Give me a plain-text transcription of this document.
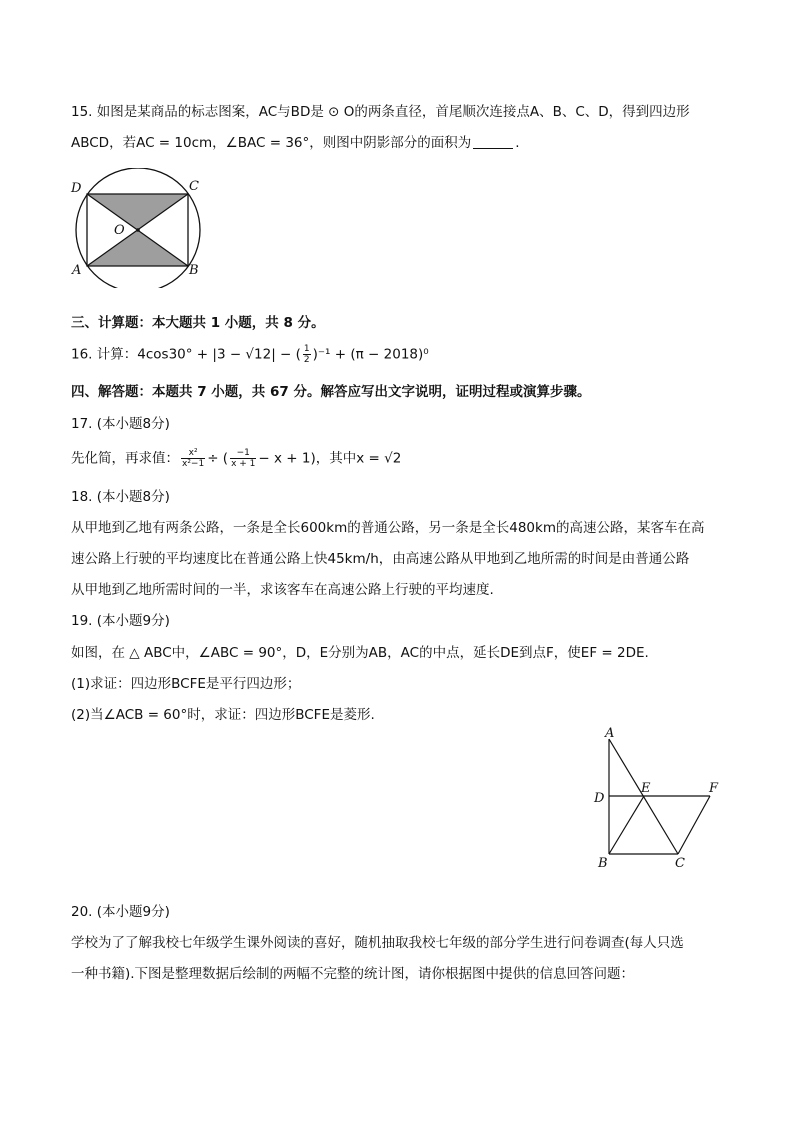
15. 如图是某商品的标志图案，AC与BD是 ⊙ O的两条直径，首尾顺次连接点A、B、C、D，得到四边形
ABCD，若AC = 10cm，∠BAC = 36°，则图中阴影部分的面积为	.
D	C
O
A	B
三、计算题：本大题共 1 小题，共 8 分。
16. 计算：4cos30° + |3 − √12| − ( $\frac{1}{2} )^{-1} + (\pi - 2018)^0$
四、解答题：本题共 7 小题，共 67 分。解答应写出文字说明，证明过程或演算步骤。
17. (本小题8分)
先化简，再求值： $\frac{\text{x²}}{\text{x²−1}}$ ÷ ( $\frac{-1}{x + 1} - x + 1$)，其中x = √2
18. (本小题8分)
从甲地到乙地有两条公路，一条是全长600km的普通公路，另一条是全长480km的高速公路，某客车在高
速公路上行驶的平均速度比在普通公路上快45km/h，由高速公路从甲地到乙地所需的时间是由普通公路
从甲地到乙地所需时间的一半，求该客车在高速公路上行驶的平均速度.
19. (本小题9分)
如图，在 △ ABC中，∠ABC = 90°，D，E分别为AB，AC的中点，延长DE到点F，使EF = 2DE.
(1)求证：四边形BCFE是平行四边形；
(2)当∠ACB = 60°时，求证：四边形BCFE是菱形.
A
D
E	F
B	C
20. (本小题9分)
学校为了了解我校七年级学生课外阅读的喜好，随机抽取我校七年级的部分学生进行问卷调查(每人只选
一种书籍).下图是整理数据后绘制的两幅不完整的统计图，请你根据图中提供的信息回答问题：
